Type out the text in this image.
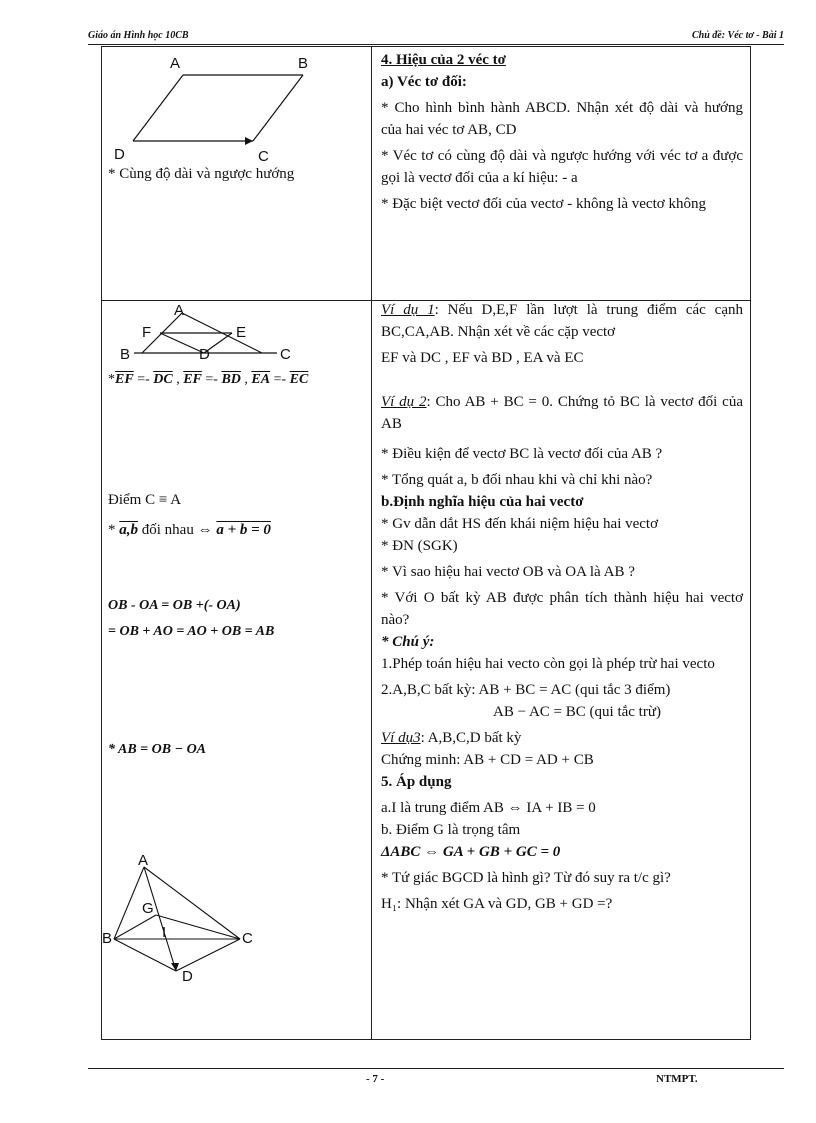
Giáo án Hình học 10CB	Chủ đề: Véc tơ - Bài 1
A	B
D	C
* Cùng độ dài và ngược hướng
A
F	E
B	D	C
$*\overline{EF} =- \overline{DC}$ , $\overline{EF} =- \overline{BD}$ , $\overline{EA} =- \overline{EC}$
Điểm C ≡ A
* a,b đối nhau ⇔ a + b = 0
OB - OA = OB +(- OA)
= OB + AO = AO + OB = AB
* AB = OB − OA
A
G
I
B	C
D

4. Hiệu của 2 véc tơ

a) Véc tơ đối:

* Cho hình bình hành ABCD. Nhận xét độ dài và hướng của hai véc tơ AB, CD

* Véc tơ có cùng độ dài và ngược hướng với véc tơ a được gọi là vectơ đối của a kí hiệu: - a

* Đặc biệt vectơ đối của vectơ - không là vectơ không

Ví dụ 1: Nếu D,E,F lần lượt là trung điểm các cạnh BC,CA,AB. Nhận xét về các cặp vectơ

EF và DC , EF và BD , EA và EC

Ví dụ 2: Cho AB + BC = 0. Chứng tỏ BC là vectơ đối của AB

* Điều kiện để vectơ BC là vectơ đối của AB ?

* Tổng quát a, b đối nhau khi và chỉ khi nào?

b.Định nghĩa hiệu của hai vectơ

* Gv dẫn dắt HS đến khái niệm hiệu hai vectơ

* ĐN (SGK)

* Vì sao hiệu hai vectơ OB và OA là AB ?

* Với O bất kỳ AB được phân tích thành hiệu hai vectơ nào?

* Chú ý:

1.Phép toán hiệu hai vecto còn gọi là phép trừ hai vecto

2.A,B,C bất kỳ: AB + BC = AC (qui tắc 3 điểm)

AB − AC = BC (qui tắc trừ)

Ví dụ3: A,B,C,D bất kỳ

Chứng minh: AB + CD = AD + CB

5. Áp dụng

a.I là trung điểm AB ⇔ IA + IB = 0

b. Điểm G là trọng tâm

ΔABC ⇔ GA + GB + GC = 0

* Tứ giác BGCD là hình gì? Từ đó suy ra t/c gì?

H₁: Nhận xét GA và GD, GB + GD =?

- 7 -	NTMPT.
